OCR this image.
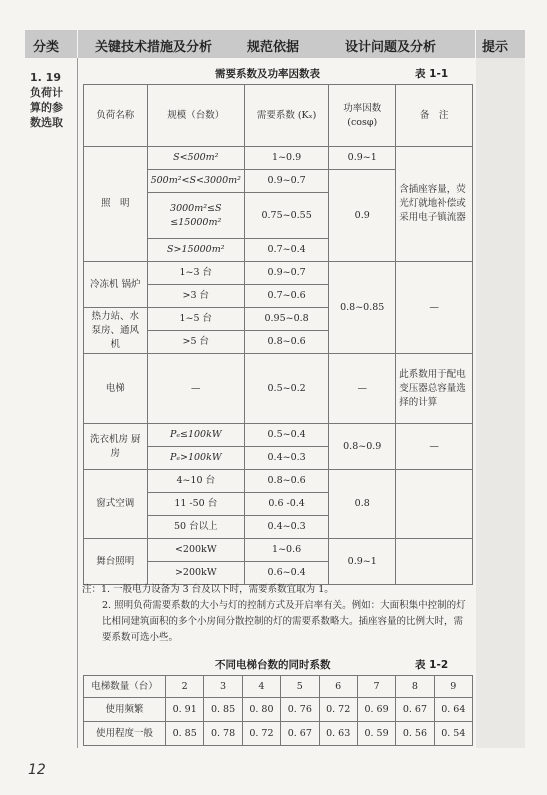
分类	关键技术措施及分析	规范依据	设计问题及分析	提示
1. 19
负荷计算的参数选取
需要系数及功率因数表	表 1-1
负荷名称	规模（台数）	需要系数 (Kₓ)	功率因数 (cosφ)	备　注
照　明	S<500m²	1~0.9	0.9~1	含插座容量，荧光灯就地补偿或采用电子镇流器
	500m²<S<3000m²	0.9~0.7	0.9	
	3000m²≤S ≤15000m²	0.75~0.55		
	S>15000m²	0.7~0.4		
冷冻机 锅炉	1~3 台	0.9~0.7	0.8~0.85	—
	>3 台	0.7~0.6		
热力站、水泵房、通风机	1~5 台	0.95~0.8		
	>5 台	0.8~0.6		
电梯	—	0.5~0.2	—	此系数用于配电变压器总容量选择的计算
洗衣机房 厨房	Pₑ≤100kW	0.5~0.4	0.8~0.9	—
	Pₑ>100kW	0.4~0.3		
窗式空调	4~10 台	0.8~0.6	0.8	
	11 -50 台	0.6 -0.4		
	50 台以上	0.4~0.3		
舞台照明	<200kW	1~0.6	0.9~1	
	>200kW	0.6~0.4		

注：1. 一般电力设备为 3 台及以下时，需要系数宜取为 1。

2. 照明负荷需要系数的大小与灯的控制方式及开启率有关。例如：大面积集中控制的灯比相同建筑面积的多个小房间分散控制的灯的需要系数略大。插座容量的比例大时，需要系数可选小些。

不同电梯台数的同时系数	表 1-2
电梯数量（台）	2	3	4	5	6	7	8	9
使用频繁	0. 91	0. 85	0. 80	0. 76	0. 72	0. 69	0. 67	0. 64
使用程度一般	0. 85	0. 78	0. 72	0. 67	0. 63	0. 59	0. 56	0. 54
12
